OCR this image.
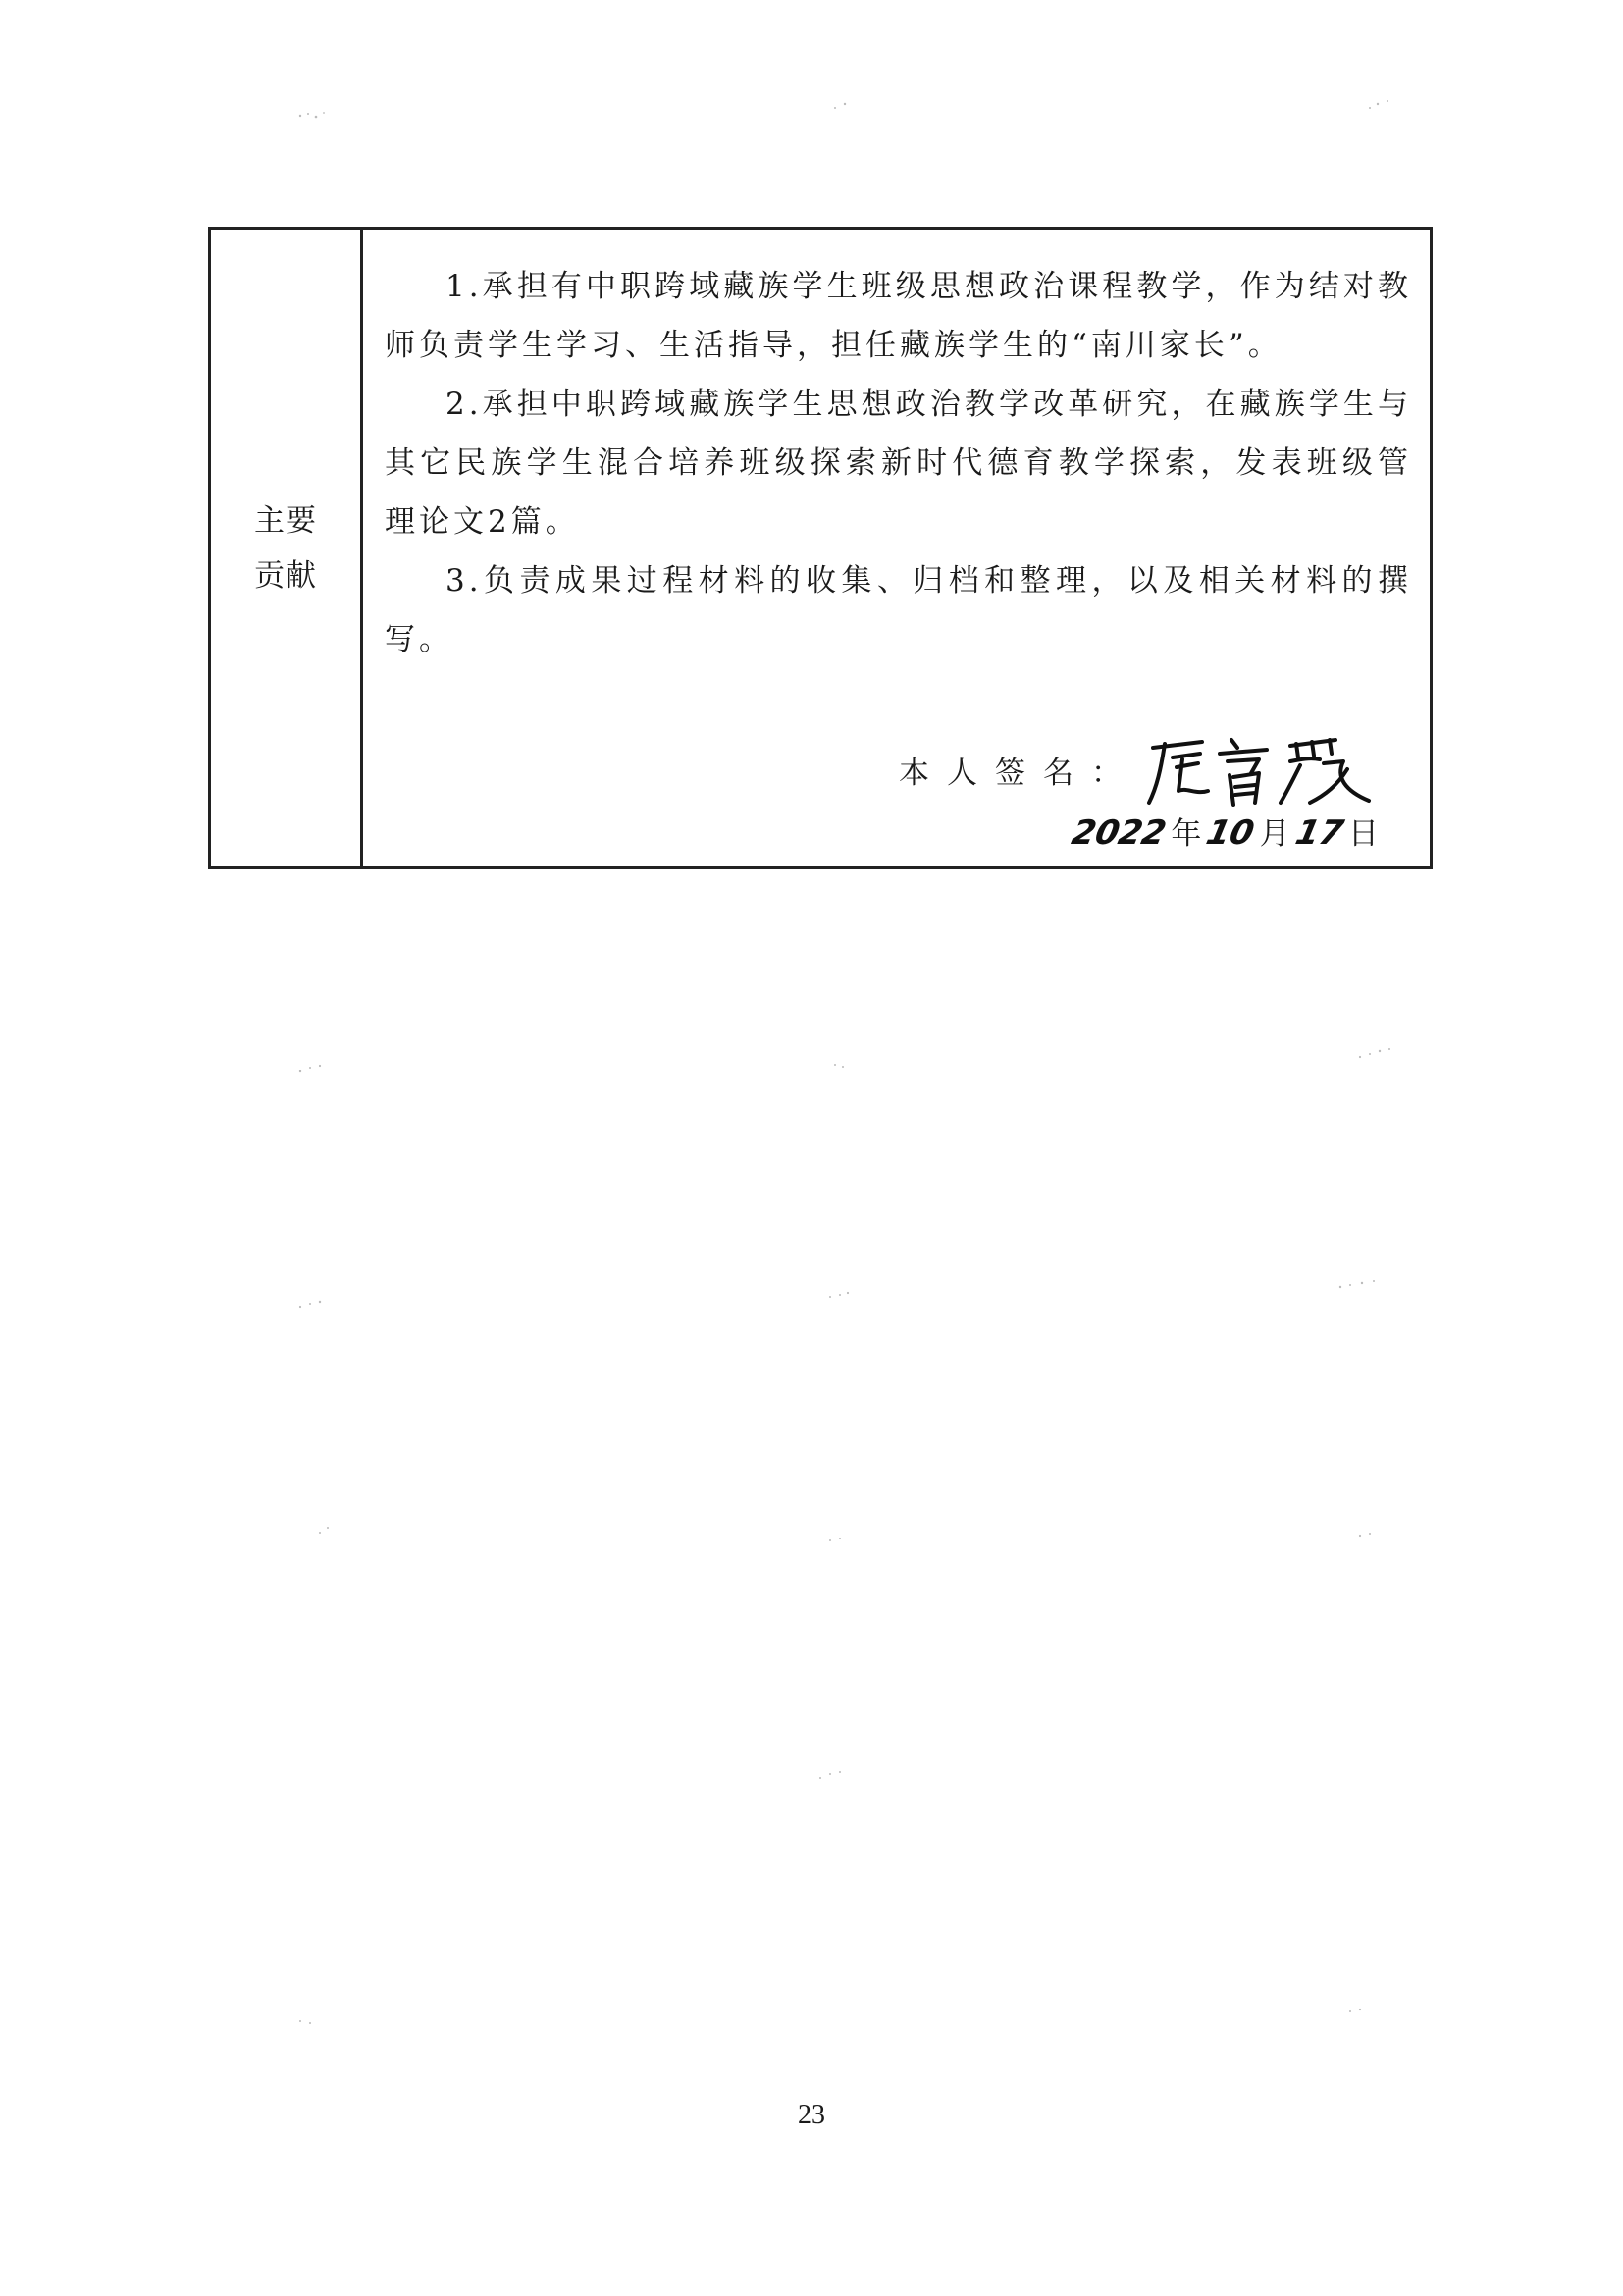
主要贡献

1.承担有中职跨域藏族学生班级思想政治课程教学，作为结对教师负责学生学习、生活指导，担任藏族学生的“南川家长”。

2.承担中职跨域藏族学生思想政治教学改革研究，在藏族学生与其它民族学生混合培养班级探索新时代德育教学探索，发表班级管理论文2篇。

3.负责成果过程材料的收集、归档和整理，以及相关材料的撰写。

本人签名：
2022 年 10 月 17 日
23
